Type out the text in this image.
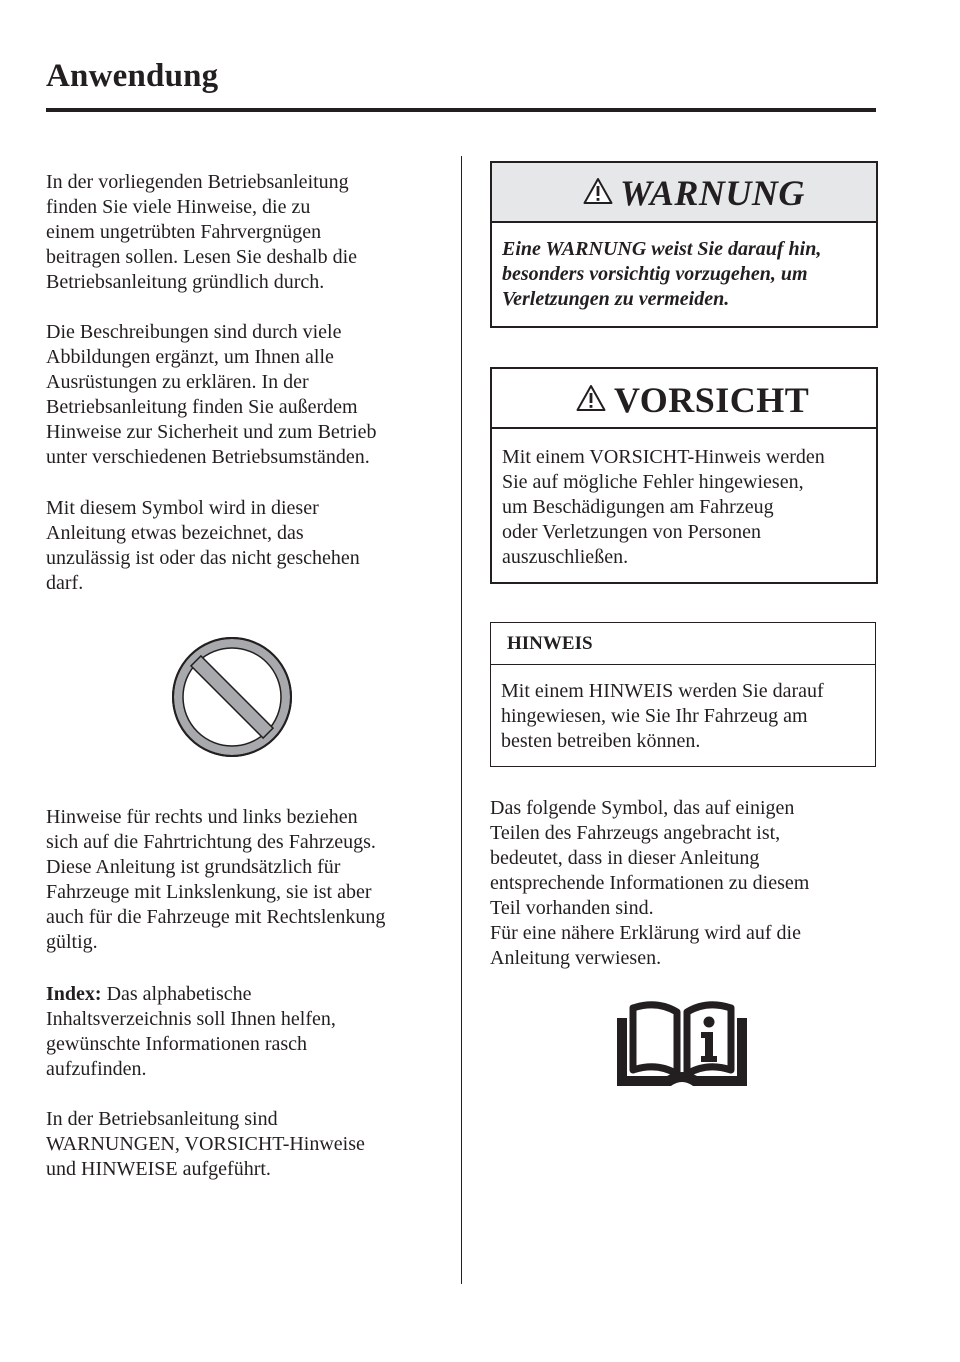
Anwendung

In der vorliegenden Betriebsanleitung
finden Sie viele Hinweise, die zu
einem ungetrübten Fahrvergnügen
beitragen sollen. Lesen Sie deshalb die
Betriebsanleitung gründlich durch.

Die Beschreibungen sind durch viele
Abbildungen ergänzt, um Ihnen alle
Ausrüstungen zu erklären. In der
Betriebsanleitung finden Sie außerdem
Hinweise zur Sicherheit und zum Betrieb
unter verschiedenen Betriebsumständen.

Mit diesem Symbol wird in dieser
Anleitung etwas bezeichnet, das
unzulässig ist oder das nicht geschehen
darf.

Hinweise für rechts und links beziehen
sich auf die Fahrtrichtung des Fahrzeugs.
Diese Anleitung ist grundsätzlich für
Fahrzeuge mit Linkslenkung, sie ist aber
auch für die Fahrzeuge mit Rechtslenkung
gültig.

Index: Das alphabetische
Inhaltsverzeichnis soll Ihnen helfen,
gewünschte Informationen rasch
aufzufinden.

In der Betriebsanleitung sind
WARNUNGEN, VORSICHT-Hinweise
und HINWEISE aufgeführt.

WARNUNG
Eine WARNUNG weist Sie darauf hin,
besonders vorsichtig vorzugehen, um
Verletzungen zu vermeiden.
VORSICHT
Mit einem VORSICHT-Hinweis werden
Sie auf mögliche Fehler hingewiesen,
um Beschädigungen am Fahrzeug
oder Verletzungen von Personen
auszuschließen.
HINWEIS
Mit einem HINWEIS werden Sie darauf
hingewiesen, wie Sie Ihr Fahrzeug am
besten betreiben können.

Das folgende Symbol, das auf einigen
Teilen des Fahrzeugs angebracht ist,
bedeutet, dass in dieser Anleitung
entsprechende Informationen zu diesem
Teil vorhanden sind.
Für eine nähere Erklärung wird auf die
Anleitung verwiesen.
